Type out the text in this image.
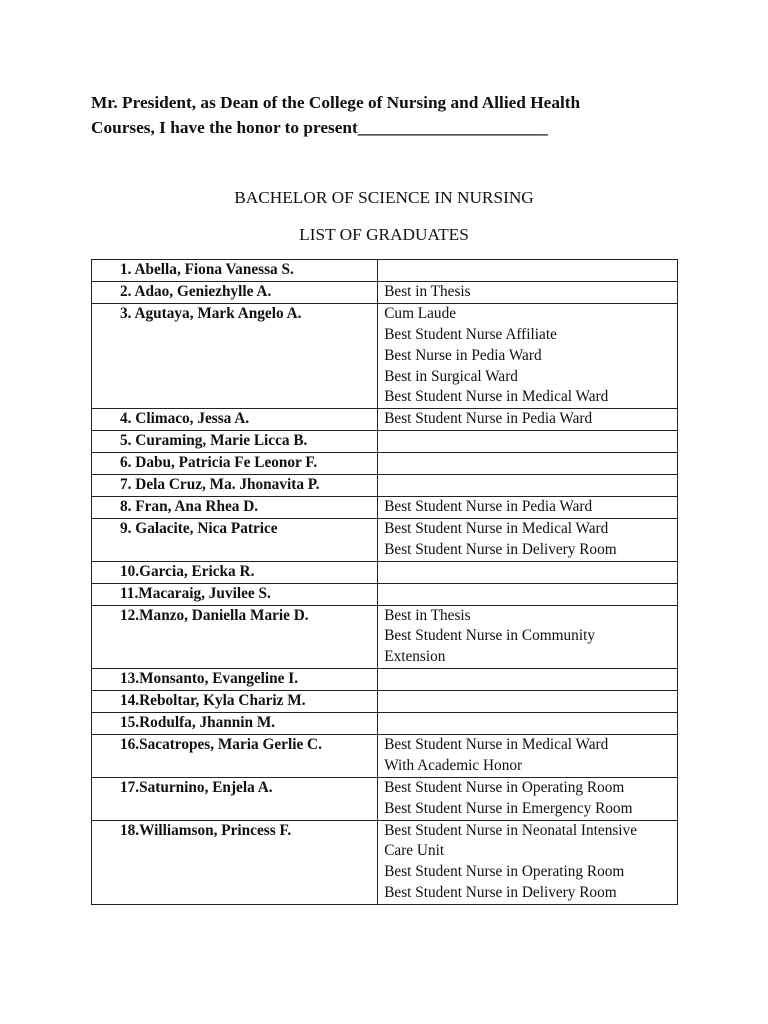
Mr. President, as Dean of the College of Nursing and Allied Health
Courses, I have the honor to present______________________
BACHELOR OF SCIENCE IN NURSING
LIST OF GRADUATES
1. Abella, Fiona Vanessa S.	
2. Adao, Geniezhylle A.	Best in Thesis

3. Agutaya, Mark Angelo A.	Cum Laude
Best Student Nurse Affiliate
Best Nurse in Pedia Ward
Best in Surgical Ward
Best Student Nurse in Medical Ward

4. Climaco, Jessa A.	Best Student Nurse in Pedia Ward

5. Curaming, Marie Licca B.	
6. Dabu, Patricia Fe Leonor F.	
7. Dela Cruz, Ma. Jhonavita P.	
8. Fran, Ana Rhea D.	Best Student Nurse in Pedia Ward

9. Galacite, Nica Patrice	Best Student Nurse in Medical Ward
Best Student Nurse in Delivery Room

10.Garcia, Ericka R.	
11.Macaraig, Juvilee S.	
12.Manzo, Daniella Marie D.	Best in Thesis
Best Student Nurse in Community
Extension

13.Monsanto, Evangeline I.	
14.Reboltar, Kyla Chariz M.	
15.Rodulfa, Jhannin M.	
16.Sacatropes, Maria Gerlie C.	Best Student Nurse in Medical Ward
With Academic Honor

17.Saturnino, Enjela A.	Best Student Nurse in Operating Room
Best Student Nurse in Emergency Room

18.Williamson, Princess F.	Best Student Nurse in Neonatal Intensive
Care Unit
Best Student Nurse in Operating Room
Best Student Nurse in Delivery Room
